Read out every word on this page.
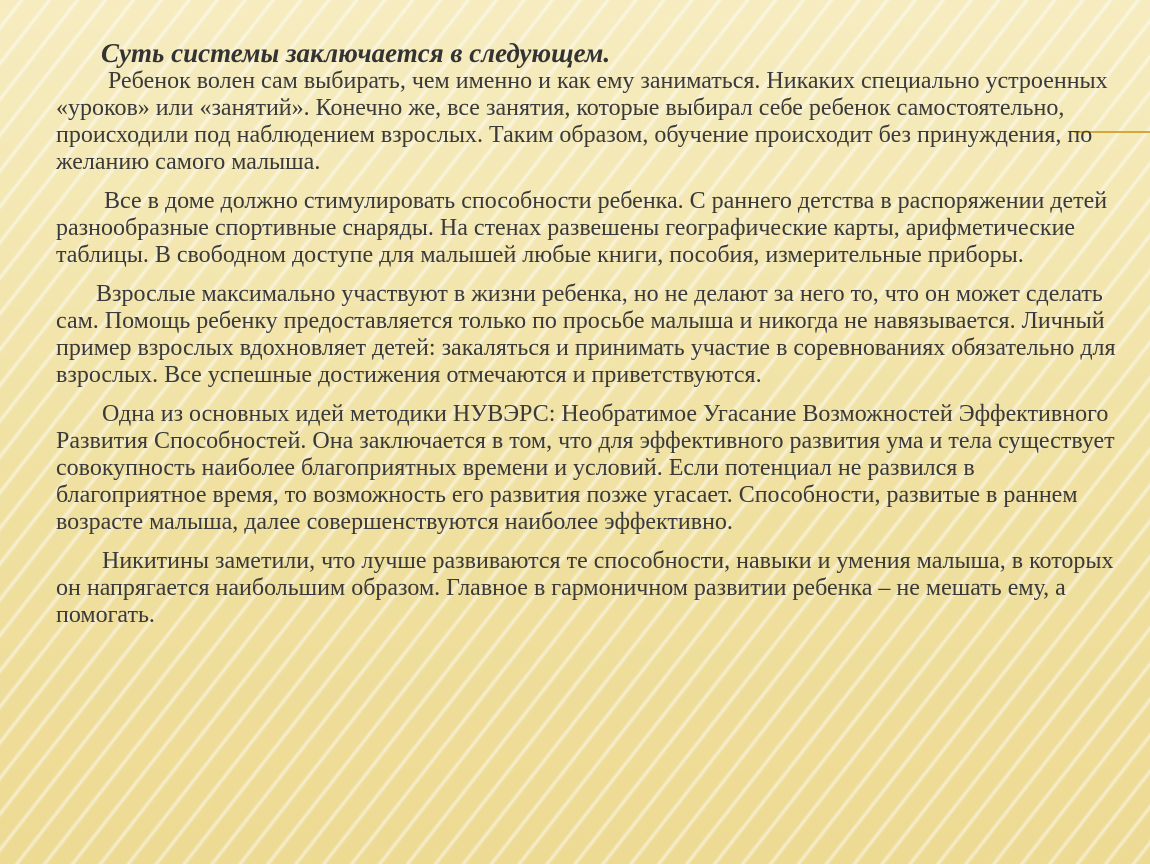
Суть системы заключается в следующем.

Ребенок волен сам выбирать, чем именно и как ему заниматься. Никаких специально устроенных «уроков» или «занятий». Конечно же, все занятия, которые выбирал себе ребенок самостоятельно, происходили под наблюдением взрослых. Таким образом, обучение происходит без принуждения, по желанию самого малыша.

Все в доме должно стимулировать способности ребенка. С раннего детства в распоряжении детей разнообразные спортивные снаряды. На стенах развешены географические карты, арифметические таблицы. В свободном доступе для малышей любые книги, пособия, измерительные приборы.

Взрослые максимально участвуют в жизни ребенка, но не делают за него то, что он может сделать сам. Помощь ребенку предоставляется только по просьбе малыша и никогда не навязывается. Личный пример взрослых вдохновляет детей: закаляться и принимать участие в соревнованиях обязательно для взрослых. Все успешные достижения отмечаются и приветствуются.

Одна из основных идей методики НУВЭРС: Необратимое Угасание Возможностей Эффективного Развития Способностей. Она заключается в том, что для эффективного развития ума и тела существует совокупность наиболее благоприятных времени и условий. Если потенциал не развился в благоприятное время, то возможность его развития позже угасает. Способности, развитые в раннем возрасте малыша, далее совершенствуются наиболее эффективно.

Никитины заметили, что лучше развиваются те способности, навыки и умения малыша, в которых он напрягается наибольшим образом. Главное в гармоничном развитии ребенка – не мешать ему, а помогать.
